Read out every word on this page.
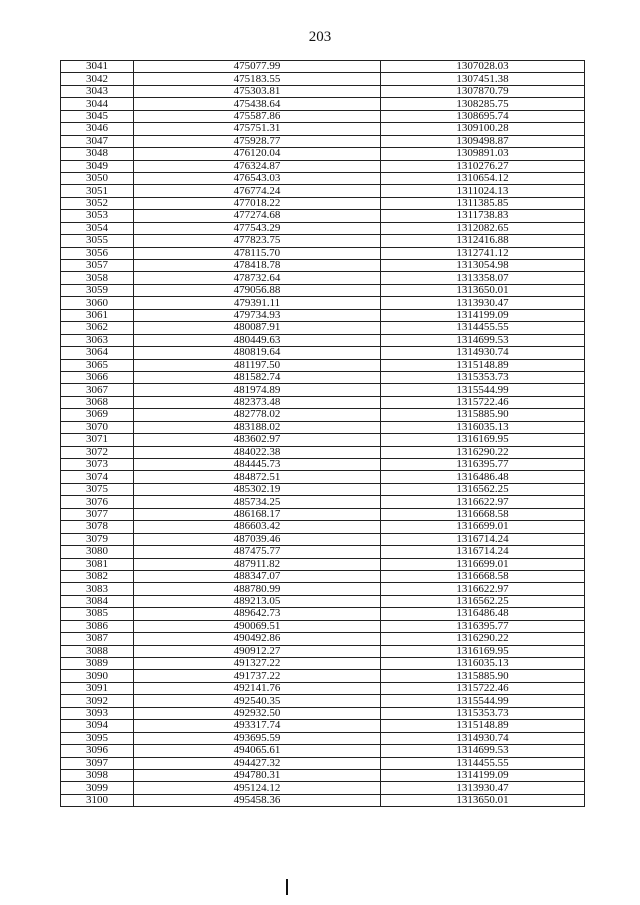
203
3041	475077.99	1307028.03
3042	475183.55	1307451.38
3043	475303.81	1307870.79
3044	475438.64	1308285.75
3045	475587.86	1308695.74
3046	475751.31	1309100.28
3047	475928.77	1309498.87
3048	476120.04	1309891.03
3049	476324.87	1310276.27
3050	476543.03	1310654.12
3051	476774.24	1311024.13
3052	477018.22	1311385.85
3053	477274.68	1311738.83
3054	477543.29	1312082.65
3055	477823.75	1312416.88
3056	478115.70	1312741.12
3057	478418.78	1313054.98
3058	478732.64	1313358.07
3059	479056.88	1313650.01
3060	479391.11	1313930.47
3061	479734.93	1314199.09
3062	480087.91	1314455.55
3063	480449.63	1314699.53
3064	480819.64	1314930.74
3065	481197.50	1315148.89
3066	481582.74	1315353.73
3067	481974.89	1315544.99
3068	482373.48	1315722.46
3069	482778.02	1315885.90
3070	483188.02	1316035.13
3071	483602.97	1316169.95
3072	484022.38	1316290.22
3073	484445.73	1316395.77
3074	484872.51	1316486.48
3075	485302.19	1316562.25
3076	485734.25	1316622.97
3077	486168.17	1316668.58
3078	486603.42	1316699.01
3079	487039.46	1316714.24
3080	487475.77	1316714.24
3081	487911.82	1316699.01
3082	488347.07	1316668.58
3083	488780.99	1316622.97
3084	489213.05	1316562.25
3085	489642.73	1316486.48
3086	490069.51	1316395.77
3087	490492.86	1316290.22
3088	490912.27	1316169.95
3089	491327.22	1316035.13
3090	491737.22	1315885.90
3091	492141.76	1315722.46
3092	492540.35	1315544.99
3093	492932.50	1315353.73
3094	493317.74	1315148.89
3095	493695.59	1314930.74
3096	494065.61	1314699.53
3097	494427.32	1314455.55
3098	494780.31	1314199.09
3099	495124.12	1313930.47
3100	495458.36	1313650.01
